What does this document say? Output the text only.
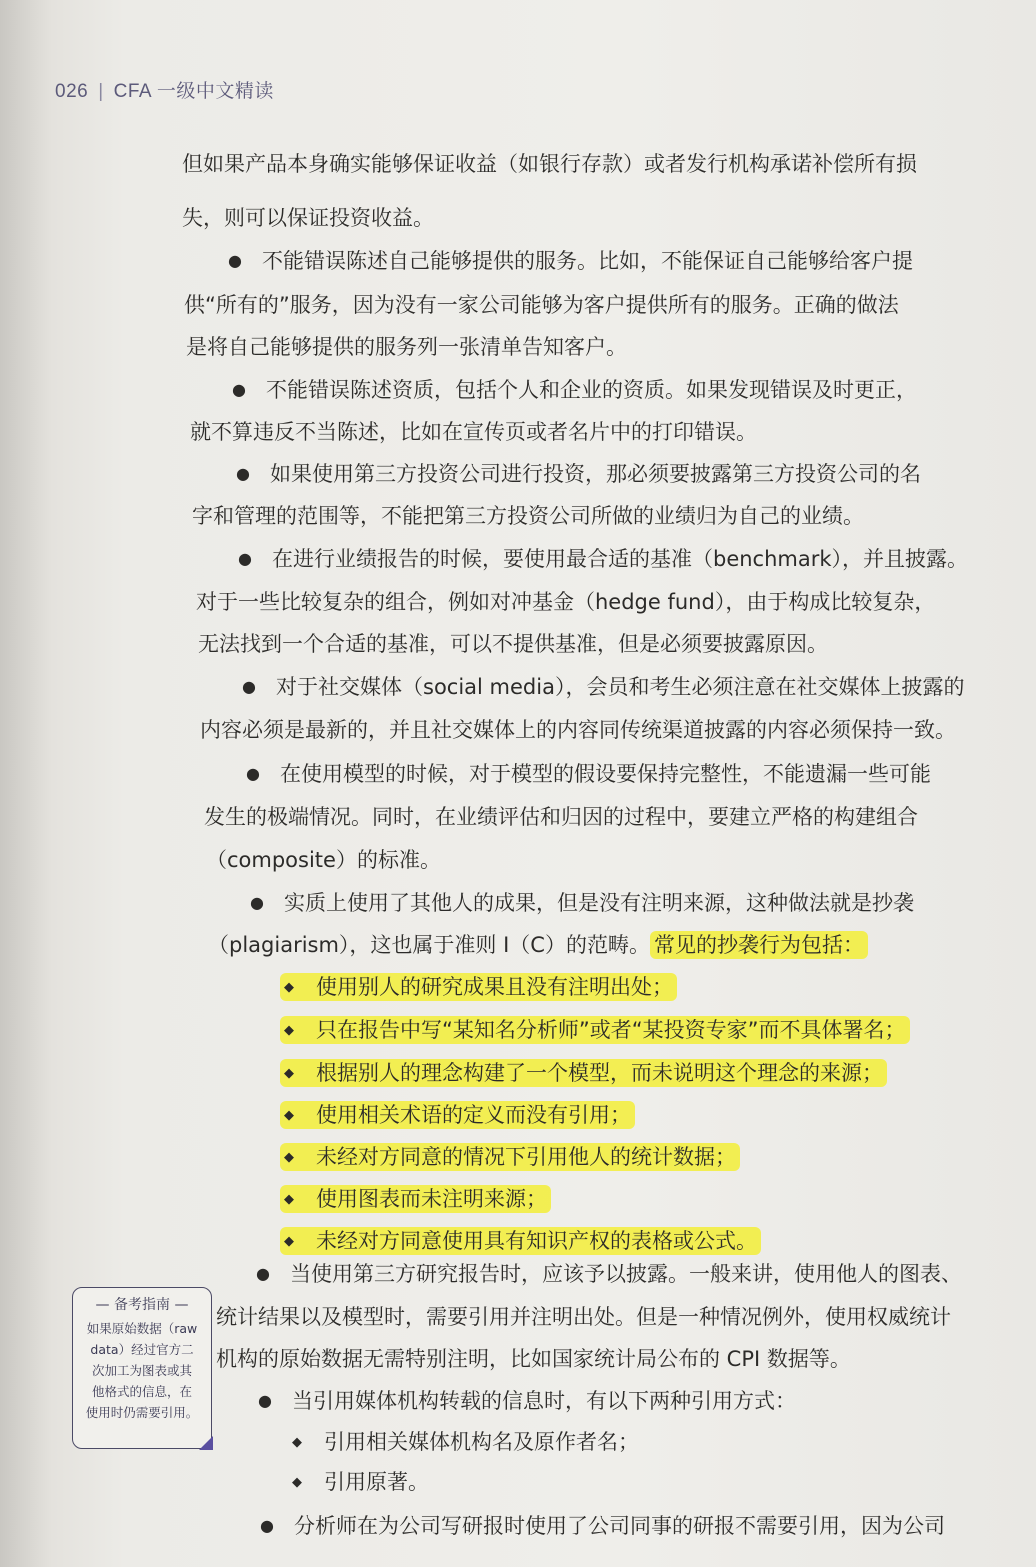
026 | CFA 一级中文精读
但如果产品本身确实能够保证收益（如银行存款）或者发行机构承诺补偿所有损
失，则可以保证投资收益。
● 不能错误陈述自己能够提供的服务。比如，不能保证自己能够给客户提
供“所有的”服务，因为没有一家公司能够为客户提供所有的服务。正确的做法
是将自己能够提供的服务列一张清单告知客户。
● 不能错误陈述资质，包括个人和企业的资质。如果发现错误及时更正，
就不算违反不当陈述，比如在宣传页或者名片中的打印错误。
● 如果使用第三方投资公司进行投资，那必须要披露第三方投资公司的名
字和管理的范围等，不能把第三方投资公司所做的业绩归为自己的业绩。
● 在进行业绩报告的时候，要使用最合适的基准（benchmark），并且披露。
对于一些比较复杂的组合，例如对冲基金（hedge fund），由于构成比较复杂，
无法找到一个合适的基准，可以不提供基准，但是必须要披露原因。
● 对于社交媒体（social media），会员和考生必须注意在社交媒体上披露的
内容必须是最新的，并且社交媒体上的内容同传统渠道披露的内容必须保持一致。
● 在使用模型的时候，对于模型的假设要保持完整性，不能遗漏一些可能
发生的极端情况。同时，在业绩评估和归因的过程中，要建立严格的构建组合
（composite）的标准。
● 实质上使用了其他人的成果，但是没有注明来源，这种做法就是抄袭
（plagiarism），这也属于准则 I（C）的范畴。 常见的抄袭行为包括：
◆ 使用别人的研究成果且没有注明出处；
◆ 只在报告中写“某知名分析师”或者“某投资专家”而不具体署名；
◆ 根据别人的理念构建了一个模型，而未说明这个理念的来源；
◆ 使用相关术语的定义而没有引用；
◆ 未经对方同意的情况下引用他人的统计数据；
◆ 使用图表而未注明来源；
◆ 未经对方同意使用具有知识产权的表格或公式。
● 当使用第三方研究报告时，应该予以披露。一般来讲，使用他人的图表、
统计结果以及模型时，需要引用并注明出处。但是一种情况例外，使用权威统计
机构的原始数据无需特别注明，比如国家统计局公布的 CPI 数据等。
● 当引用媒体机构转载的信息时，有以下两种引用方式：
◆ 引用相关媒体机构名及原作者名；
◆ 引用原著。
● 分析师在为公司写研报时使用了公司同事的研报不需要引用，因为公司
— 备考指南 —
如果原始数据（raw
data）经过官方二
次加工为图表或其
他格式的信息，在
使用时仍需要引用。
